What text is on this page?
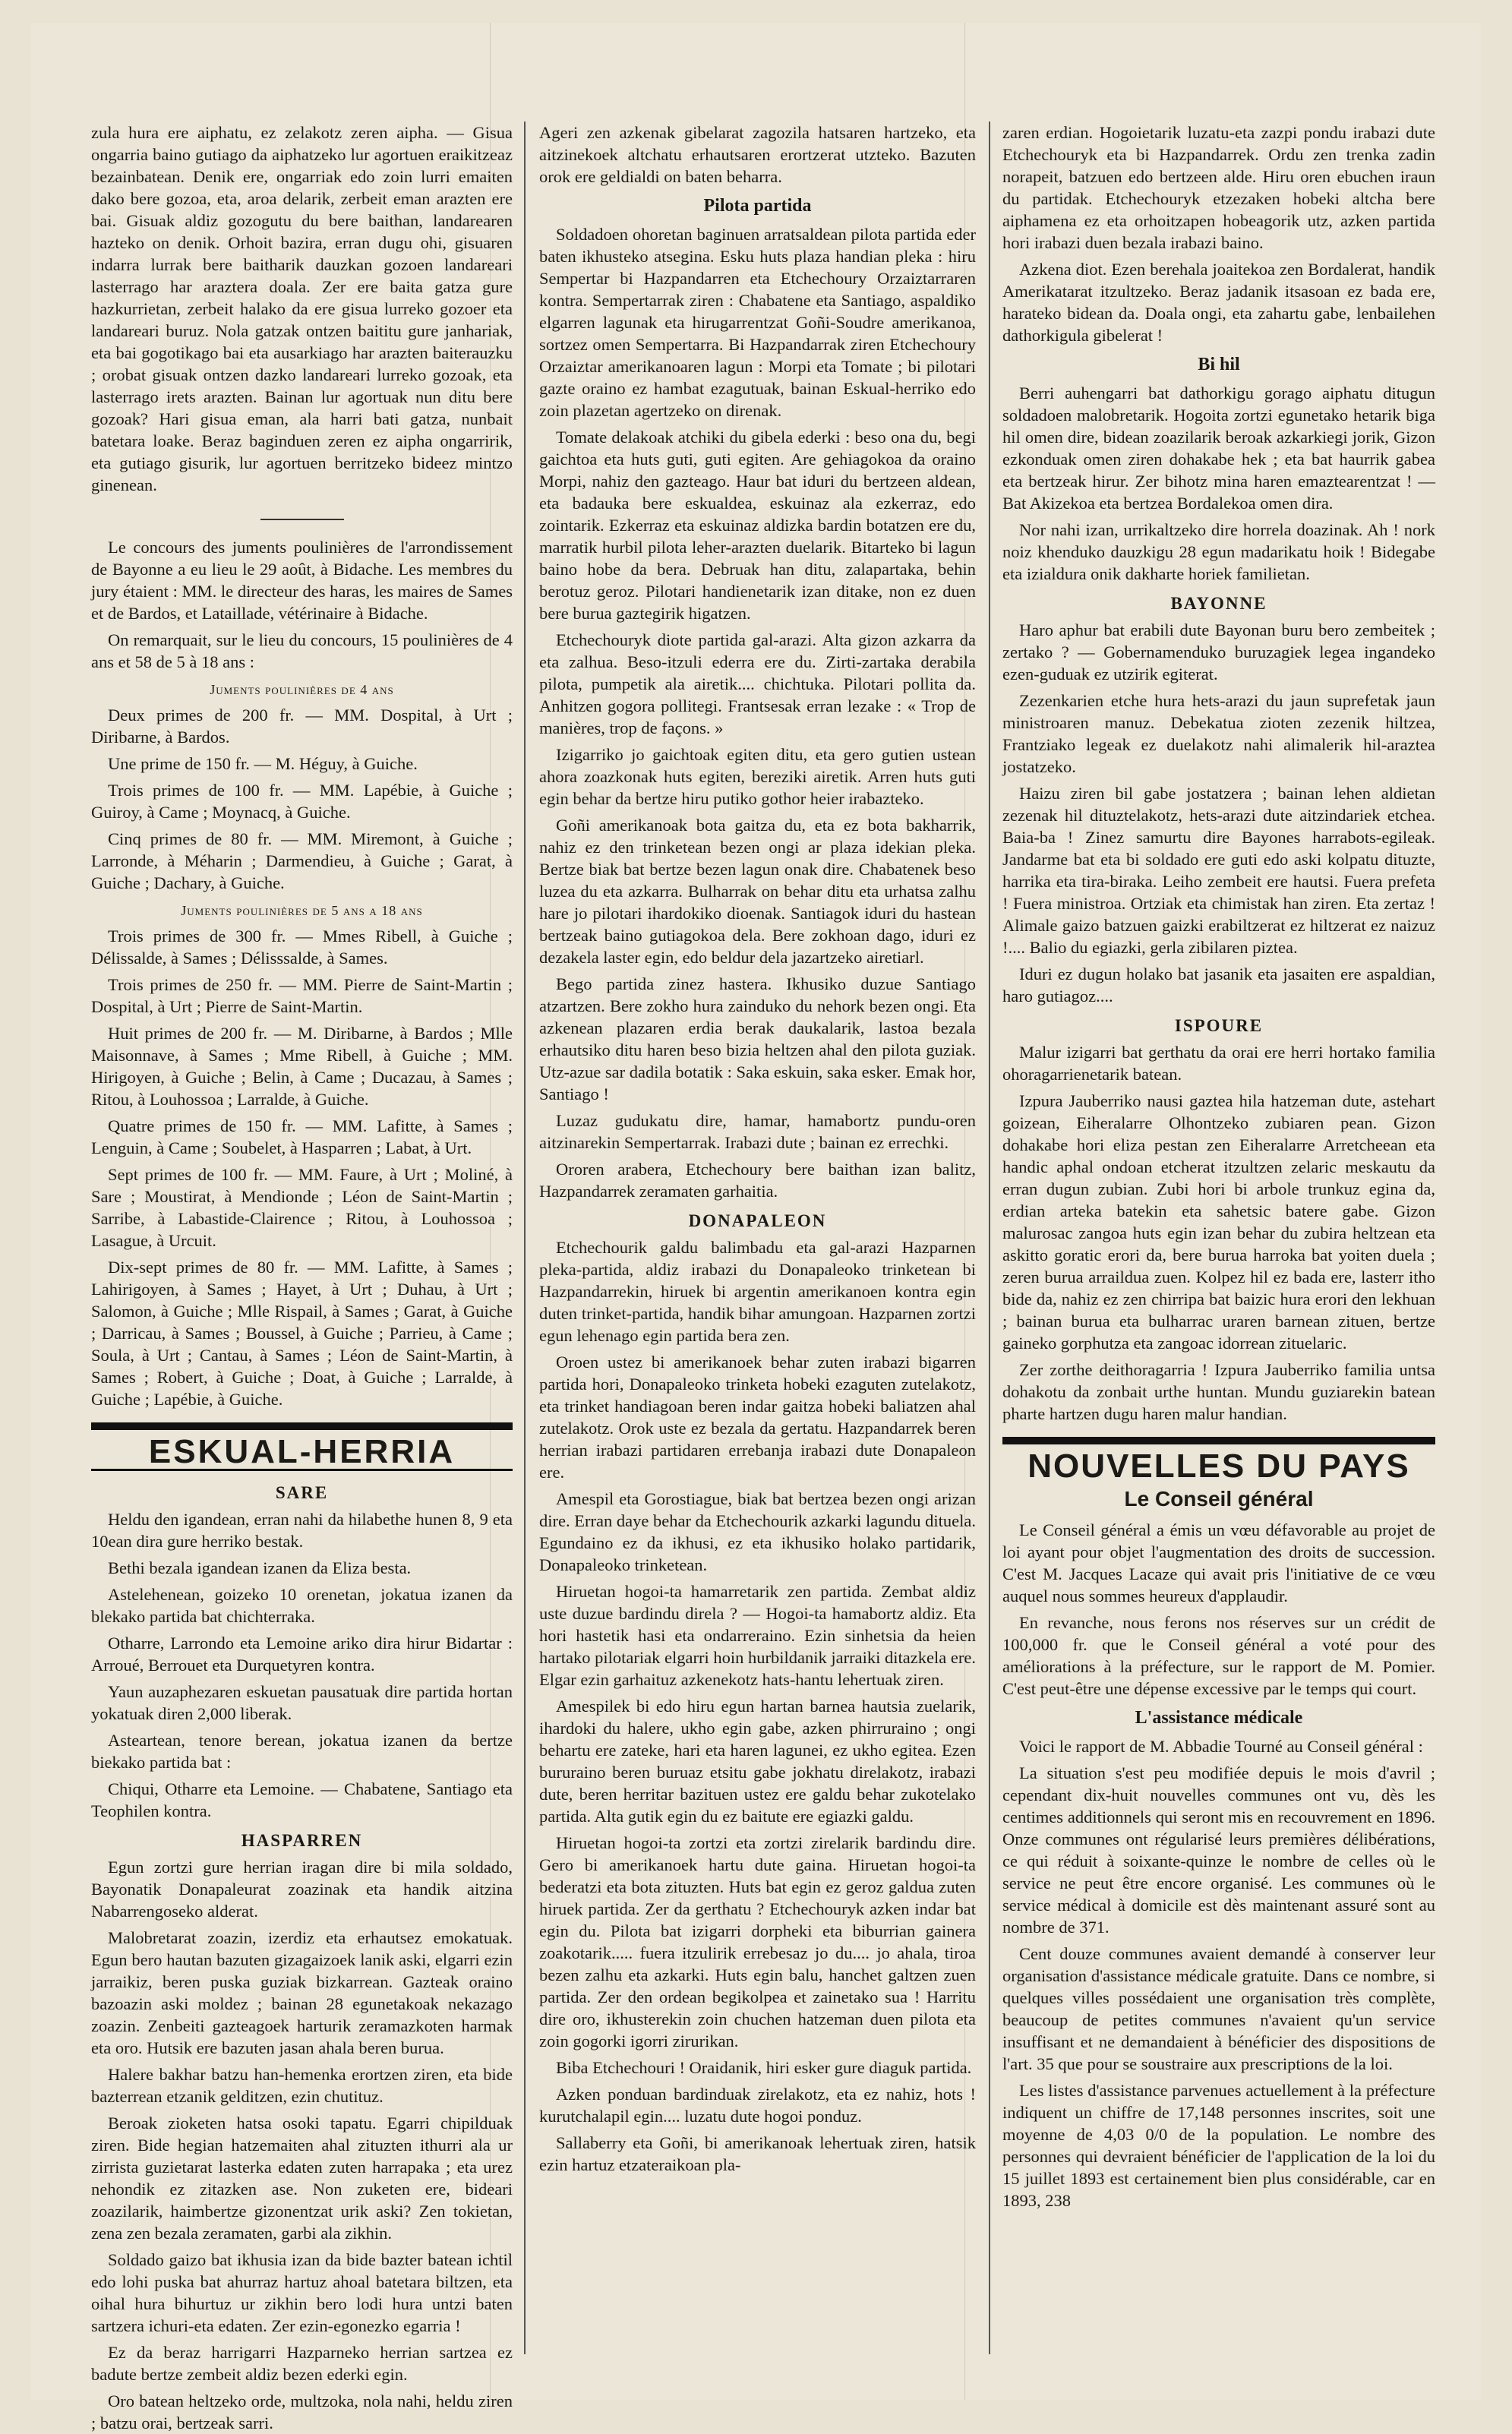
zula hura ere aiphatu, ez zelakotz zeren aipha. — Gisua ongarria baino gutiago da aiphatzeko lur agortuen eraikitzeaz bezainbatean. Denik ere, ongarriak edo zoin lurri emaiten dako bere gozoa, eta, aroa delarik, zerbeit eman arazten ere bai. Gisuak aldiz gozogutu du bere baithan, landarearen hazteko on denik. Orhoit bazira, erran dugu ohi, gisuaren indarra lurrak bere baitharik dauzkan gozoen landareari lasterrago har araztera doala. Zer ere baita gatza gure hazkurrietan, zerbeit halako da ere gisua lurreko gozoer eta landareari buruz. Nola gatzak ontzen baititu gure janhariak, eta bai gogotikago bai eta ausarkiago har arazten baiterauzku ; orobat gisuak ontzen dazko landareari lurreko gozoak, eta lasterrago irets arazten. Bainan lur agortuak nun ditu bere gozoak? Hari gisua eman, ala harri bati gatza, nunbait batetara loake. Beraz baginduen zeren ez aipha ongarririk, eta gutiago gisurik, lur agortuen berritzeko bideez mintzo ginenean.

Le concours des juments poulinières de l'arrondissement de Bayonne a eu lieu le 29 août, à Bidache. Les membres du jury étaient : MM. le directeur des haras, les maires de Sames et de Bardos, et Lataillade, vétérinaire à Bidache.

On remarquait, sur le lieu du concours, 15 poulinières de 4 ans et 58 de 5 à 18 ans :

Juments poulinières de 4 ans

Deux primes de 200 fr. — MM. Dospital, à Urt ; Diribarne, à Bardos.

Une prime de 150 fr. — M. Héguy, à Guiche.

Trois primes de 100 fr. — MM. Lapébie, à Guiche ; Guiroy, à Came ; Moynacq, à Guiche.

Cinq primes de 80 fr. — MM. Miremont, à Guiche ; Larronde, à Méharin ; Darmendieu, à Guiche ; Garat, à Guiche ; Dachary, à Guiche.

Juments poulinières de 5 ans a 18 ans

Trois primes de 300 fr. — Mmes Ribell, à Guiche ; Délissalde, à Sames ; Délisssalde, à Sames.

Trois primes de 250 fr. — MM. Pierre de Saint-Martin ; Dospital, à Urt ; Pierre de Saint-Martin.

Huit primes de 200 fr. — M. Diribarne, à Bardos ; Mlle Maisonnave, à Sames ; Mme Ribell, à Guiche ; MM. Hirigoyen, à Guiche ; Belin, à Came ; Ducazau, à Sames ; Ritou, à Louhossoa ; Larralde, à Guiche.

Quatre primes de 150 fr. — MM. Lafitte, à Sames ; Lenguin, à Came ; Soubelet, à Hasparren ; Labat, à Urt.

Sept primes de 100 fr. — MM. Faure, à Urt ; Moliné, à Sare ; Moustirat, à Mendionde ; Léon de Saint-Martin ; Sarribe, à Labastide-Clairence ; Ritou, à Louhossoa ; Lasague, à Urcuit.

Dix-sept primes de 80 fr. — MM. Lafitte, à Sames ; Lahirigoyen, à Sames ; Hayet, à Urt ; Duhau, à Urt ; Salomon, à Guiche ; Mlle Rispail, à Sames ; Garat, à Guiche ; Darricau, à Sames ; Boussel, à Guiche ; Parrieu, à Came ; Soula, à Urt ; Cantau, à Sames ; Léon de Saint-Martin, à Sames ; Robert, à Guiche ; Doat, à Guiche ; Larralde, à Guiche ; Lapébie, à Guiche.

ESKUAL-HERRIA
SARE

Heldu den igandean, erran nahi da hilabethe hunen 8, 9 eta 10ean dira gure herriko bestak.

Bethi bezala igandean izanen da Eliza besta.

Astelehenean, goizeko 10 orenetan, jokatua izanen da blekako partida bat chichterraka.

Otharre, Larrondo eta Lemoine ariko dira hirur Bidartar : Arroué, Berrouet eta Durquetyren kontra.

Yaun auzaphezaren eskuetan pausatuak dire partida hortan yokatuak diren 2,000 liberak.

Asteartean, tenore berean, jokatua izanen da bertze biekako partida bat :

Chiqui, Otharre eta Lemoine. — Chabatene, Santiago eta Teophilen kontra.

HASPARREN

Egun zortzi gure herrian iragan dire bi mila soldado, Bayonatik Donapaleurat zoazinak eta handik aitzina Nabarrengoseko alderat.

Malobretarat zoazin, izerdiz eta erhautsez emokatuak. Egun bero hautan bazuten gizagaizoek lanik aski, elgarri ezin jarraikiz, beren puska guziak bizkarrean. Gazteak oraino bazoazin aski moldez ; bainan 28 egunetakoak nekazago zoazin. Zenbeiti gazteagoek harturik zeramazkoten harmak eta oro. Hutsik ere bazuten jasan ahala beren burua.

Halere bakhar batzu han-hemenka erortzen ziren, eta bide bazterrean etzanik gelditzen, ezin chutituz.

Beroak zioketen hatsa osoki tapatu. Egarri chipilduak ziren. Bide hegian hatzemaiten ahal zituzten ithurri ala ur zirrista guzietarat lasterka edaten zuten harrapaka ; eta urez nehondik ez zitazken ase. Non zuketen ere, bideari zoazilarik, haimbertze gizonentzat urik aski? Zen tokietan, zena zen bezala zeramaten, garbi ala zikhin.

Soldado gaizo bat ikhusia izan da bide bazter batean ichtil edo lohi puska bat ahurraz hartuz ahoal batetara biltzen, eta oihal hura bihurtuz ur zikhin bero lodi hura untzi baten sartzera ichuri-eta edaten. Zer ezin-egonezko egarria !

Ez da beraz harrigarri Hazparneko herrian sartzea ez badute bertze zembeit aldiz bezen ederki egin.

Oro batean heltzeko orde, multzoka, nola nahi, heldu ziren ; batzu orai, bertzeak sarri.

Ageri zen azkenak gibelarat zagozila hatsaren hartzeko, eta aitzinekoek altchatu erhautsaren erortzerat utzteko. Bazuten orok ere geldialdi on baten beharra.

Pilota partida

Soldadoen ohoretan baginuen arratsaldean pilota partida eder baten ikhusteko atsegina. Esku huts plaza handian pleka : hiru Sempertar bi Hazpandarren eta Etchechoury Orzaiztarraren kontra. Sempertarrak ziren : Chabatene eta Santiago, aspaldiko elgarren lagunak eta hirugarrentzat Goñi-Soudre amerikanoa, sortzez omen Sempertarra. Bi Hazpandarrak ziren Etchechoury Orzaiztar amerikanoaren lagun : Morpi eta Tomate ; bi pilotari gazte oraino ez hambat ezagutuak, bainan Eskual-herriko edo zoin plazetan agertzeko on direnak.

Tomate delakoak atchiki du gibela ederki : beso ona du, begi gaichtoa eta huts guti, guti egiten. Are gehiagokoa da oraino Morpi, nahiz den gazteago. Haur bat iduri du bertzeen aldean, eta badauka bere eskualdea, eskuinaz ala ezkerraz, edo zointarik. Ezkerraz eta eskuinaz aldizka bardin botatzen ere du, marratik hurbil pilota leher-arazten duelarik. Bitarteko bi lagun baino hobe da bera. Debruak han ditu, zalapartaka, behin berotuz geroz. Pilotari handienetarik izan ditake, non ez duen bere burua gaztegirik higatzen.

Etchechouryk diote partida gal-arazi. Alta gizon azkarra da eta zalhua. Beso-itzuli ederra ere du. Zirti-zartaka derabila pilota, pumpetik ala airetik.... chichtuka. Pilotari pollita da. Anhitzen gogora pollitegi. Frantsesak erran lezake : « Trop de manières, trop de façons. »

Izigarriko jo gaichtoak egiten ditu, eta gero gutien ustean ahora zoazkonak huts egiten, bereziki airetik. Arren huts guti egin behar da bertze hiru putiko gothor heier irabazteko.

Goñi amerikanoak bota gaitza du, eta ez bota bakharrik, nahiz ez den trinketean bezen ongi ar plaza idekian pleka. Bertze biak bat bertze bezen lagun onak dire. Chabatenek beso luzea du eta azkarra. Bulharrak on behar ditu eta urhatsa zalhu hare jo pilotari ihardokiko dioenak. Santiagok iduri du hastean bertzeak baino gutiagokoa dela. Bere zokhoan dago, iduri ez dezakela laster egin, edo beldur dela jazartzeko airetiarl.

Bego partida zinez hastera. Ikhusiko duzue Santiago atzartzen. Bere zokho hura zainduko du nehork bezen ongi. Eta azkenean plazaren erdia berak daukalarik, lastoa bezala erhautsiko ditu haren beso bizia heltzen ahal den pilota guziak. Utz-azue sar dadila botatik : Saka eskuin, saka esker. Emak hor, Santiago !

Luzaz gudukatu dire, hamar, hamabortz pundu-oren aitzinarekin Sempertarrak. Irabazi dute ; bainan ez errechki.

Ororen arabera, Etchechoury bere baithan izan balitz, Hazpandarrek zeramaten garhaitia.

DONAPALEON

Etchechourik galdu balimbadu eta gal-arazi Hazparnen pleka-partida, aldiz irabazi du Donapaleoko trinketean bi Hazpandarrekin, hiruek bi argentin amerikanoen kontra egin duten trinket-partida, handik bihar amungoan. Hazparnen zortzi egun lehenago egin partida bera zen.

Oroen ustez bi amerikanoek behar zuten irabazi bigarren partida hori, Donapaleoko trinketa hobeki ezaguten zutelakotz, eta trinket handiagoan beren indar gaitza hobeki baliatzen ahal zutelakotz. Orok uste ez bezala da gertatu. Hazpandarrek beren herrian irabazi partidaren errebanja irabazi dute Donapaleon ere.

Amespil eta Gorostiague, biak bat bertzea bezen ongi arizan dire. Erran daye behar da Etchechourik azkarki lagundu dituela. Egundaino ez da ikhusi, ez eta ikhusiko holako partidarik, Donapaleoko trinketean.

Hiruetan hogoi-ta hamarretarik zen partida. Zembat aldiz uste duzue bardindu direla ? — Hogoi-ta hamabortz aldiz. Eta hori hastetik hasi eta ondarreraino. Ezin sinhetsia da heien hartako pilotariak elgarri hoin hurbildanik jarraiki ditazkela ere. Elgar ezin garhaituz azkenekotz hats-hantu lehertuak ziren.

Amespilek bi edo hiru egun hartan barnea hautsia zuelarik, ihardoki du halere, ukho egin gabe, azken phirruraino ; ongi behartu ere zateke, hari eta haren lagunei, ez ukho egitea. Ezen bururaino beren buruaz etsitu gabe jokhatu direlakotz, irabazi dute, beren herritar bazituen ustez ere galdu behar zukotelako partida. Alta gutik egin du ez baitute ere egiazki galdu.

Hiruetan hogoi-ta zortzi eta zortzi zirelarik bardindu dire. Gero bi amerikanoek hartu dute gaina. Hiruetan hogoi-ta bederatzi eta bota zituzten. Huts bat egin ez geroz galdua zuten hiruek partida. Zer da gerthatu ? Etchechouryk azken indar bat egin du. Pilota bat izigarri dorpheki eta biburrian gainera zoakotarik..... fuera itzulirik errebesaz jo du.... jo ahala, tiroa bezen zalhu eta azkarki. Huts egin balu, hanchet galtzen zuen partida. Zer den ordean begikolpea et zainetako sua ! Harritu dire oro, ikhusterekin zoin chuchen hatzeman duen pilota eta zoin gogorki igorri zirurikan.

Biba Etchechouri ! Oraidanik, hiri esker gure diaguk partida.

Azken ponduan bardinduak zirelakotz, eta ez nahiz, hots ! kurutchalapil egin.... luzatu dute hogoi ponduz.

Sallaberry eta Goñi, bi amerikanoak lehertuak ziren, hatsik ezin hartuz etzateraikoan pla-

zaren erdian. Hogoietarik luzatu-eta zazpi pondu irabazi dute Etchechouryk eta bi Hazpandarrek. Ordu zen trenka zadin norapeit, batzuen edo bertzeen alde. Hiru oren ebuchen iraun du partidak. Etchechouryk etzezaken hobeki altcha bere aiphamena ez eta orhoitzapen hobeagorik utz, azken partida hori irabazi duen bezala irabazi baino.

Azkena diot. Ezen berehala joaitekoa zen Bordalerat, handik Amerikatarat itzultzeko. Beraz jadanik itsasoan ez bada ere, harateko bidean da. Doala ongi, eta zahartu gabe, lenbailehen dathorkigula gibelerat !

Bi hil

Berri auhengarri bat dathorkigu gorago aiphatu ditugun soldadoen malobretarik. Hogoita zortzi egunetako hetarik biga hil omen dire, bidean zoazilarik beroak azkarkiegi jorik, Gizon ezkonduak omen ziren dohakabe hek ; eta bat haurrik gabea eta bertzeak hirur. Zer bihotz mina haren emaztearentzat ! — Bat Akizekoa eta bertzea Bordalekoa omen dira.

Nor nahi izan, urrikaltzeko dire horrela doazinak. Ah ! nork noiz khenduko dauzkigu 28 egun madarikatu hoik ! Bidegabe eta izialdura onik dakharte horiek familietan.

BAYONNE

Haro aphur bat erabili dute Bayonan buru bero zembeitek ; zertako ? — Gobernamenduko buruzagiek legea ingandeko ezen-guduak ez utzirik egiterat.

Zezenkarien etche hura hets-arazi du jaun suprefetak jaun ministroaren manuz. Debekatua zioten zezenik hiltzea, Frantziako legeak ez duelakotz nahi alimalerik hil-araztea jostatzeko.

Haizu ziren bil gabe jostatzera ; bainan lehen aldietan zezenak hil dituztelakotz, hets-arazi dute aitzindariek etchea. Baia-ba ! Zinez samurtu dire Bayones harrabots-egileak. Jandarme bat eta bi soldado ere guti edo aski kolpatu dituzte, harrika eta tira-biraka. Leiho zembeit ere hautsi. Fuera prefeta ! Fuera ministroa. Ortziak eta chimistak han ziren. Eta zertaz ! Alimale gaizo batzuen gaizki erabiltzerat ez hiltzerat ez naizuz !.... Balio du egiazki, gerla zibilaren piztea.

Iduri ez dugun holako bat jasanik eta jasaiten ere aspaldian, haro gutiagoz....

ISPOURE

Malur izigarri bat gerthatu da orai ere herri hortako familia ohoragarrienetarik batean.

Izpura Jauberriko nausi gaztea hila hatzeman dute, astehart goizean, Eiheralarre Olhontzeko zubiaren pean. Gizon dohakabe hori eliza pestan zen Eiheralarre Arretcheean eta handic aphal ondoan etcherat itzultzen zelaric meskautu da erran dugun zubian. Zubi hori bi arbole trunkuz egina da, erdian arteka batekin eta sahetsic batere gabe. Gizon malurosac zangoa huts egin izan behar du zubira heltzean eta askitto goratic erori da, bere burua harroka bat yoiten duela ; zeren burua arraildua zuen. Kolpez hil ez bada ere, lasterr itho bide da, nahiz ez zen chirripa bat baizic hura erori den lekhuan ; bainan burua eta bulharrac uraren barnean zituen, bertze gaineko gorphutza eta zangoac idorrean zituelaric.

Zer zorthe deithoragarria ! Izpura Jauberriko familia untsa dohakotu da zonbait urthe huntan. Mundu guziarekin batean pharte hartzen dugu haren malur handian.

NOUVELLES DU PAYS
Le Conseil général

Le Conseil général a émis un vœu défavorable au projet de loi ayant pour objet l'augmentation des droits de succession. C'est M. Jacques Lacaze qui avait pris l'initiative de ce vœu auquel nous sommes heureux d'applaudir.

En revanche, nous ferons nos réserves sur un crédit de 100,000 fr. que le Conseil général a voté pour des améliorations à la préfecture, sur le rapport de M. Pomier. C'est peut-être une dépense excessive par le temps qui court.

L'assistance médicale

Voici le rapport de M. Abbadie Tourné au Conseil général :

La situation s'est peu modifiée depuis le mois d'avril ; cependant dix-huit nouvelles communes ont vu, dès les centimes additionnels qui seront mis en recouvrement en 1896. Onze communes ont régularisé leurs premières délibérations, ce qui réduit à soixante-quinze le nombre de celles où le service ne peut être encore organisé. Les communes où le service médical à domicile est dès maintenant assuré sont au nombre de 371.

Cent douze communes avaient demandé à conserver leur organisation d'assistance médicale gratuite. Dans ce nombre, si quelques villes possédaient une organisation très complète, beaucoup de petites communes n'avaient qu'un service insuffisant et ne demandaient à bénéficier des dispositions de l'art. 35 que pour se soustraire aux prescriptions de la loi.

Les listes d'assistance parvenues actuellement à la préfecture indiquent un chiffre de 17,148 personnes inscrites, soit une moyenne de 4,03 0/0 de la population. Le nombre des personnes qui devraient bénéficier de l'application de la loi du 15 juillet 1893 est certainement bien plus considérable, car en 1893, 238
